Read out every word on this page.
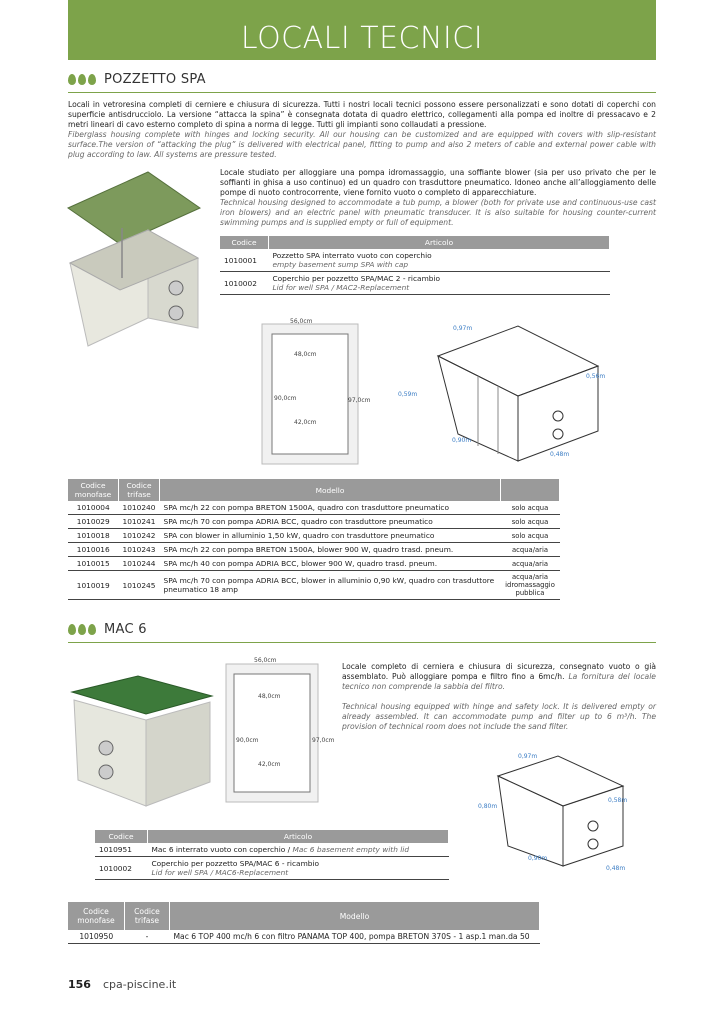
LOCALI TECNICI
POZZETTO SPA
Locali in vetroresina completi di cerniere e chiusura di sicurezza. Tutti i nostri locali tecnici possono essere personalizzati e sono dotati di coperchi con superficie antisdrucciolo. La versione “attacca la spina” è consegnata dotata di quadro elettrico, collegamenti alla pompa ed inoltre di pressacavo e 2 metri lineari di cavo esterno completo di spina a norma di legge. Tutti gli impianti sono collaudati a pressione.
Fiberglass housing complete with hinges and locking security. All our housing can be customized and are equipped with covers with slip-resistant surface.The version of “attacking the plug” is delivered with electrical panel, fitting to pump and also 2 meters of cable and external power cable with plug according to law. All systems are pressure tested.
Locale studiato per alloggiare una pompa idromassaggio, una soffiante blower (sia per uso privato che per le soffianti in ghisa a uso continuo) ed un quadro con trasduttore pneumatico. Idoneo anche all’alloggiamento delle pompe di nuoto controcorrente, viene fornito vuoto o completo di apparecchiature.
Technical housing designed to accommodate a tub pump, a blower (both for private use and continuous-use cast iron blowers) and an electric panel with pneumatic transducer. It is also suitable for housing counter-current swimming pumps and is supplied empty or full of equipment.
Codice	Articolo
1010001	Pozzetto SPA interrato vuoto con coperchio
empty basement sump SPA with cap
1010002	Coperchio per pozzetto SPA/MAC 2 - ricambio
Lid for well SPA / MAC2-Replacement
56,0cm
48,0cm
42,0cm
90,0cm	97,0cm
0,97m
0,56m
0,59m
0,90m
0,48m
Codice monofase	Codice trifase	Modello	
1010004	1010240	SPA mc/h 22 con pompa BRETON 1500A, quadro con trasduttore pneumatico	solo acqua
1010029	1010241	SPA mc/h 70 con pompa ADRIA BCC, quadro con trasduttore pneumatico	solo acqua
1010018	1010242	SPA con blower in alluminio 1,50 kW, quadro con trasduttore pneumatico	solo acqua
1010016	1010243	SPA mc/h 22 con pompa BRETON 1500A, blower 900 W, quadro trasd. pneum.	acqua/aria
1010015	1010244	SPA mc/h 40 con pompa ADRIA BCC, blower 900 W, quadro trasd. pneum.	acqua/aria
1010019	1010245	SPA mc/h 70 con pompa ADRIA BCC, blower in alluminio 0,90 kW, quadro con trasduttore pneumatico 18 amp	acqua/aria idromassaggio pubblica
MAC 6
56,0cm
48,0cm
42,0cm
90,0cm	97,0cm
Locale completo di cerniera e chiusura di sicurezza, consegnato vuoto o già assemblato. Può alloggiare pompa e filtro fino a 6mc/h. La fornitura del locale tecnico non comprende la sabbia del filtro.

Technical housing equipped with hinge and safety lock. It is delivered empty or already assembled. It can accommodate pump and filter up to 6 m³/h. The provision of technical room does not include the sand filter.
0,97m
0,58m
0,80m
0,90m
0,48m
Codice	Articolo
1010951	Mac 6 interrato vuoto con coperchio / Mac 6 basement empty with lid
1010002	Coperchio per pozzetto SPA/MAC 6 - ricambio
Lid for well SPA / MAC6-Replacement
Codice monofase	Codice trifase	Modello
1010950	-	Mac 6 TOP 400 mc/h 6 con filtro PANAMA TOP 400, pompa BRETON 370S - 1 asp.1 man.da 50
156 cpa-piscine.it
